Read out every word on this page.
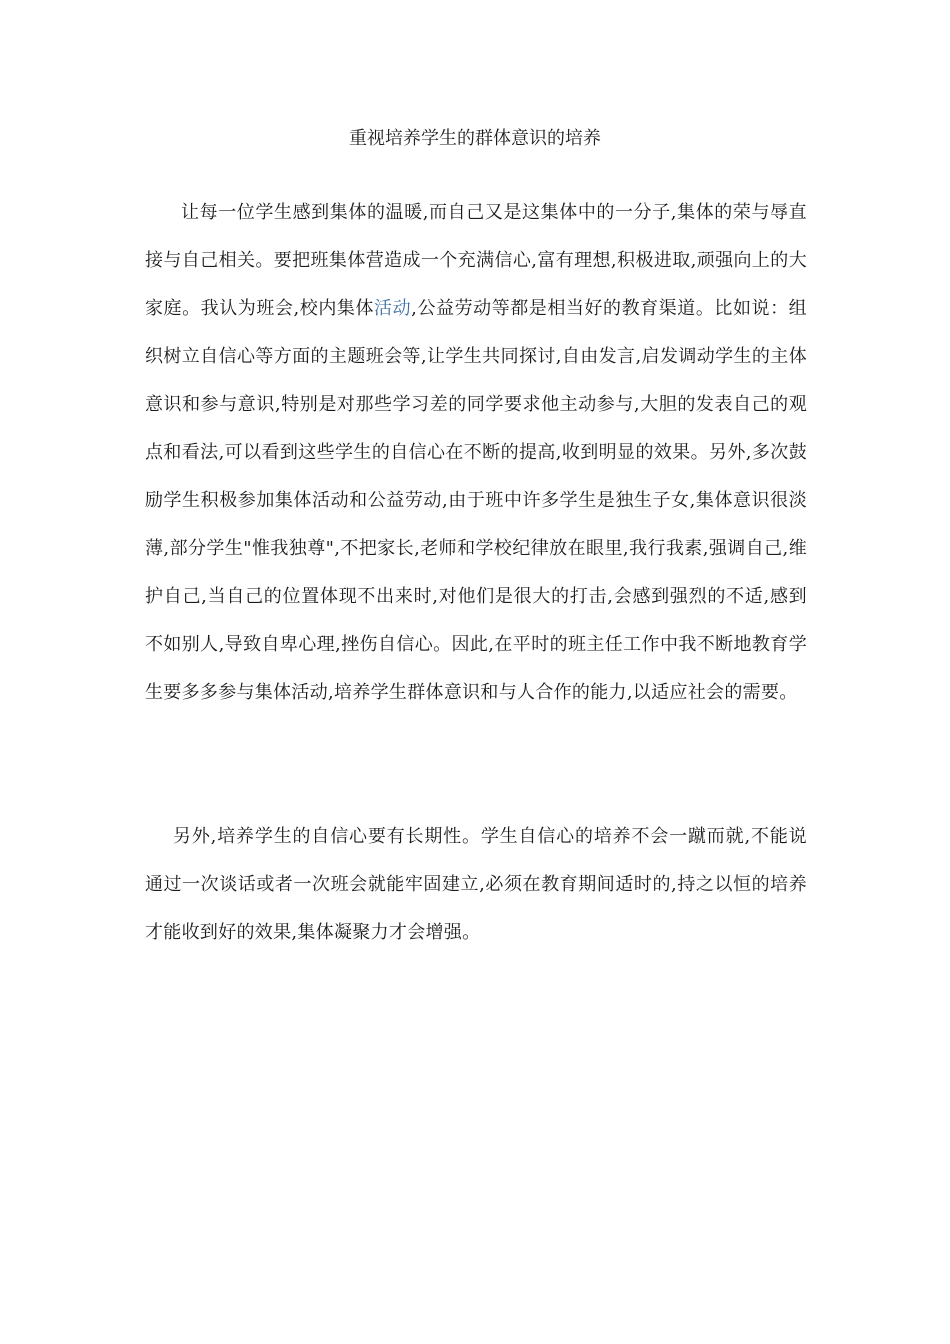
重视培养学生的群体意识的培养

让每一位学生感到集体的温暖,而自己又是这集体中的一分子,集体的荣与辱直接与自己相关。要把班集体营造成一个充满信心,富有理想,积极进取,顽强向上的大家庭。我认为班会,校内集体活动,公益劳动等都是相当好的教育渠道。比如说：组织树立自信心等方面的主题班会等,让学生共同探讨,自由发言,启发调动学生的主体意识和参与意识,特别是对那些学习差的同学要求他主动参与,大胆的发表自己的观点和看法,可以看到这些学生的自信心在不断的提高,收到明显的效果。另外,多次鼓励学生积极参加集体活动和公益劳动,由于班中许多学生是独生子女,集体意识很淡薄,部分学生"惟我独尊",不把家长,老师和学校纪律放在眼里,我行我素,强调自己,维护自己,当自己的位置体现不出来时,对他们是很大的打击,会感到强烈的不适,感到不如别人,导致自卑心理,挫伤自信心。因此,在平时的班主任工作中我不断地教育学生要多多参与集体活动,培养学生群体意识和与人合作的能力,以适应社会的需要。

另外,培养学生的自信心要有长期性。学生自信心的培养不会一蹴而就,不能说通过一次谈话或者一次班会就能牢固建立,必须在教育期间适时的,持之以恒的培养才能收到好的效果,集体凝聚力才会增强。
